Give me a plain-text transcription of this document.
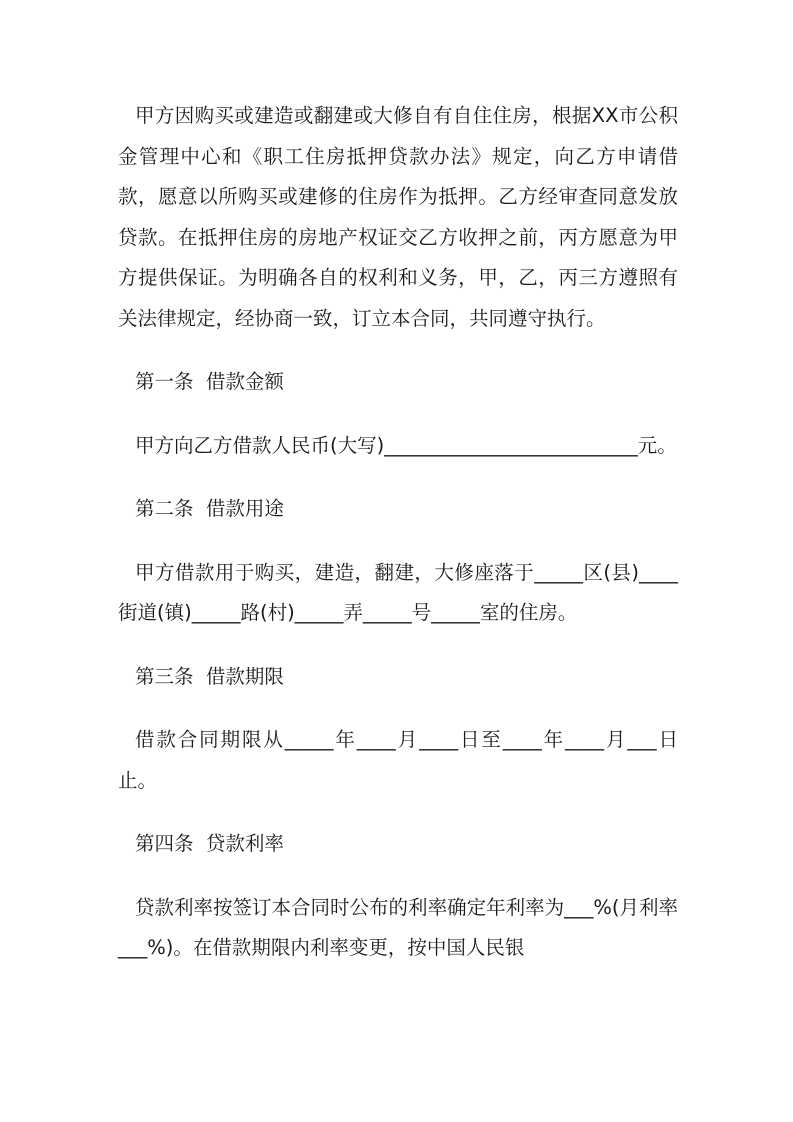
甲方因购买或建造或翻建或大修自有自住住房，根据XX市公积金管理中心和《职工住房抵押贷款办法》规定，向乙方申请借款，愿意以所购买或建修的住房作为抵押。乙方经审查同意发放贷款。在抵押住房的房地产权证交乙方收押之前，丙方愿意为甲方提供保证。为明确各自的权利和义务，甲，乙，丙三方遵照有关法律规定，经协商一致，订立本合同，共同遵守执行。

第一条  借款金额

甲方向乙方借款人民币(大写)__________________________元。

第二条  借款用途

甲方借款用于购买，建造，翻建，大修座落于_____区(县)____街道(镇)_____路(村)_____弄_____号_____室的住房。

第三条  借款期限

借款合同期限从_____年____月____日至____年____月___日止。

第四条  贷款利率

贷款利率按签订本合同时公布的利率确定年利率为___%(月利率___%)。在借款期限内利率变更，按中国人民银
